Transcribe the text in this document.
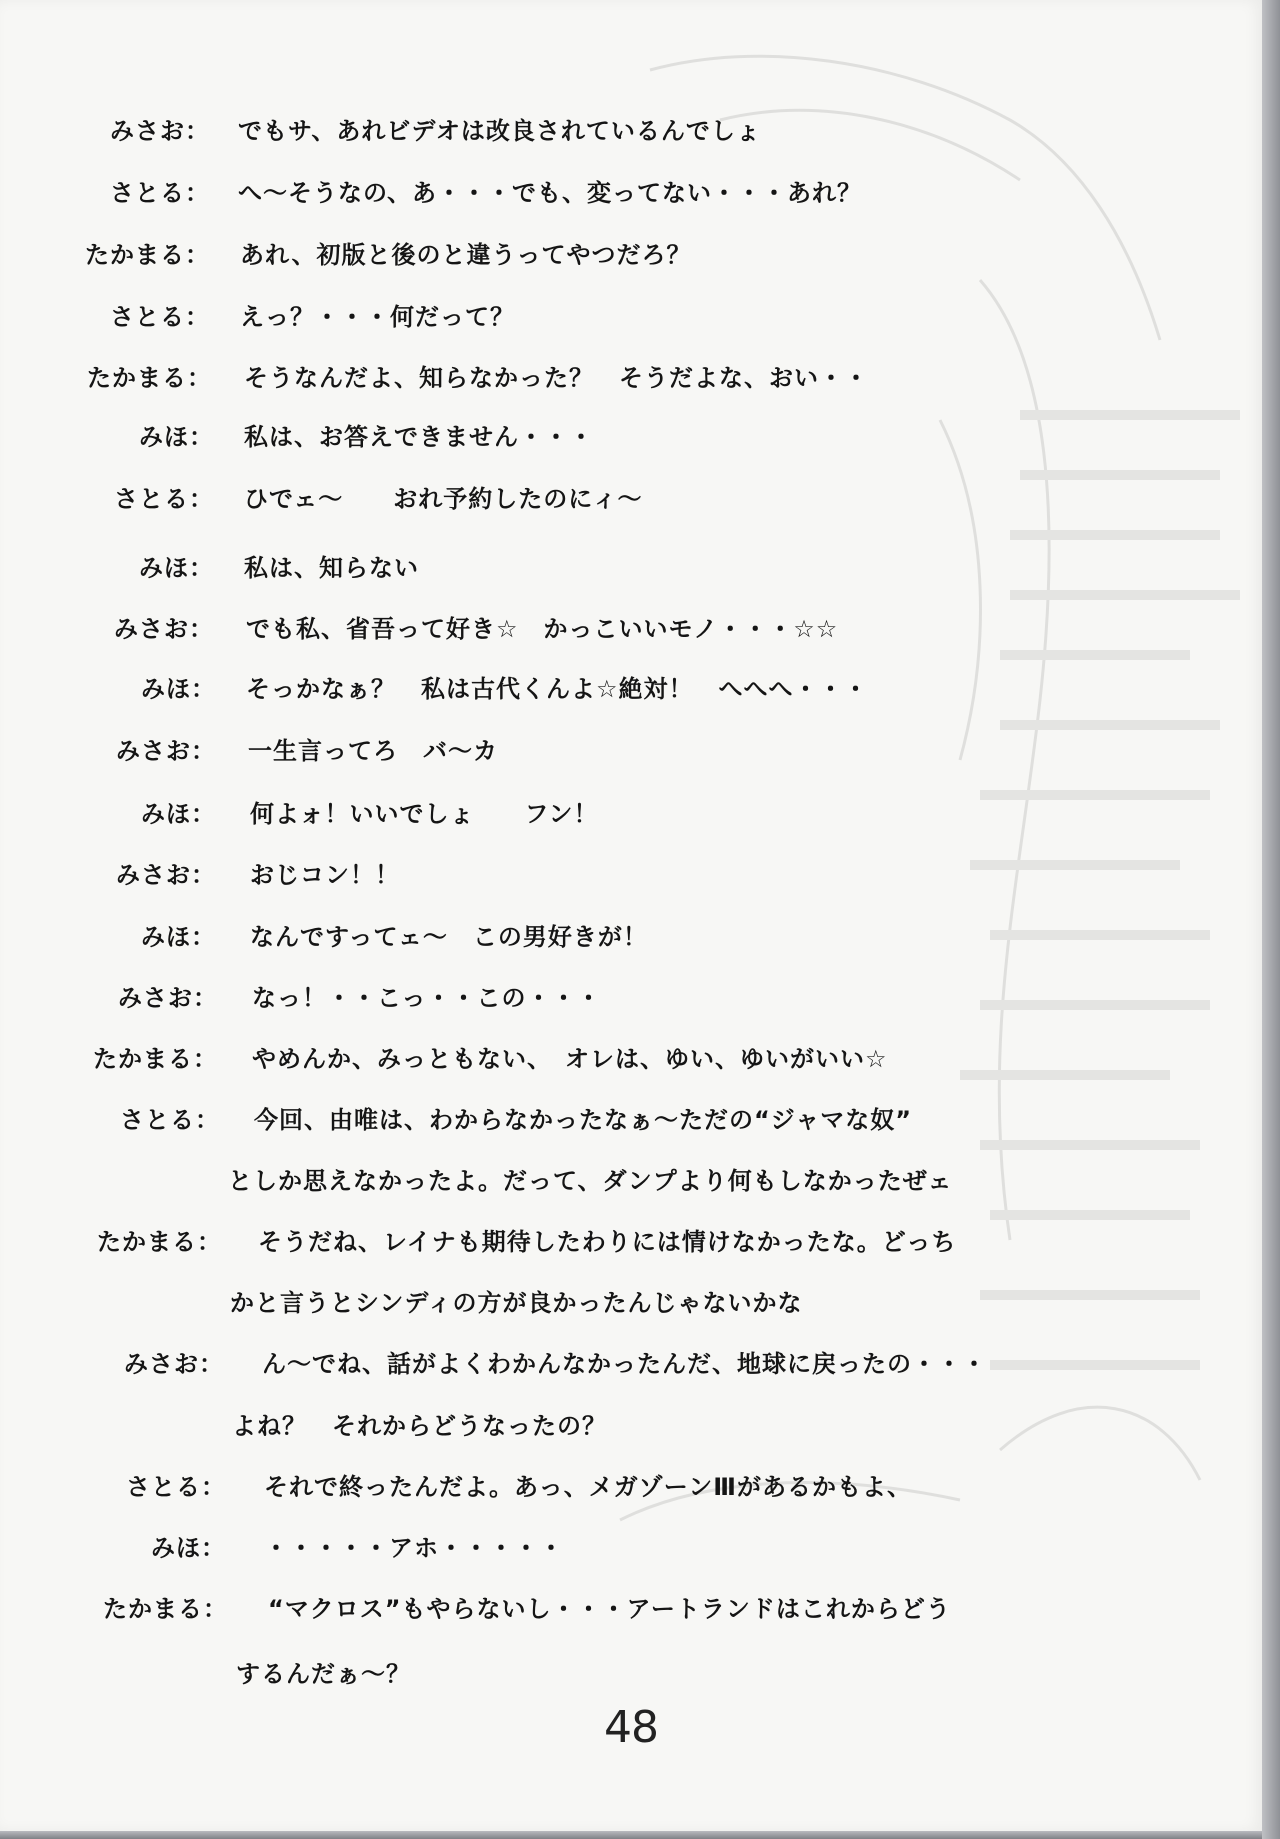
みさお： でもサ、あれビデオは改良されているんでしょ
さとる： へ～そうなの、あ・・・でも、変ってない・・・あれ？
たかまる： あれ、初版と後のと違うってやつだろ？
さとる： えっ？・・・何だって？
たかまる： そうなんだよ、知らなかった？　そうだよな、おい・・
みほ： 私は、お答えできません・・・
さとる： ひでェ～　　おれ予約したのにィ～
みほ： 私は、知らない
みさお： でも私、省吾って好き☆　かっこいいモノ・・・☆☆
みほ： そっかなぁ？　私は古代くんよ☆絶対！　へへへ・・・
みさお： 一生言ってろ　バ～カ
みほ： 何よォ！いいでしょ　　フン！
みさお： おじコン！！
みほ： なんですってェ～　この男好きが！
みさお： なっ！・・こっ・・この・・・
たかまる： やめんか、みっともない、　オレは、ゆい、ゆいがいい☆
さとる： 今回、由唯は、わからなかったなぁ～ただの“ジャマな奴”
としか思えなかったよ。だって、ダンプより何もしなかったぜェ
たかまる： そうだね、レイナも期待したわりには情けなかったな。どっち
かと言うとシンディの方が良かったんじゃないかな
みさお： ん～でね、話がよくわかんなかったんだ、地球に戻ったの・・・
よね？　それからどうなったの？
さとる： それで終ったんだよ。あっ、メガゾーンⅢがあるかもよ、
みほ： ・・・・・アホ・・・・・
たかまる： “マクロス”もやらないし・・・アートランドはこれからどう
するんだぁ～？
48
